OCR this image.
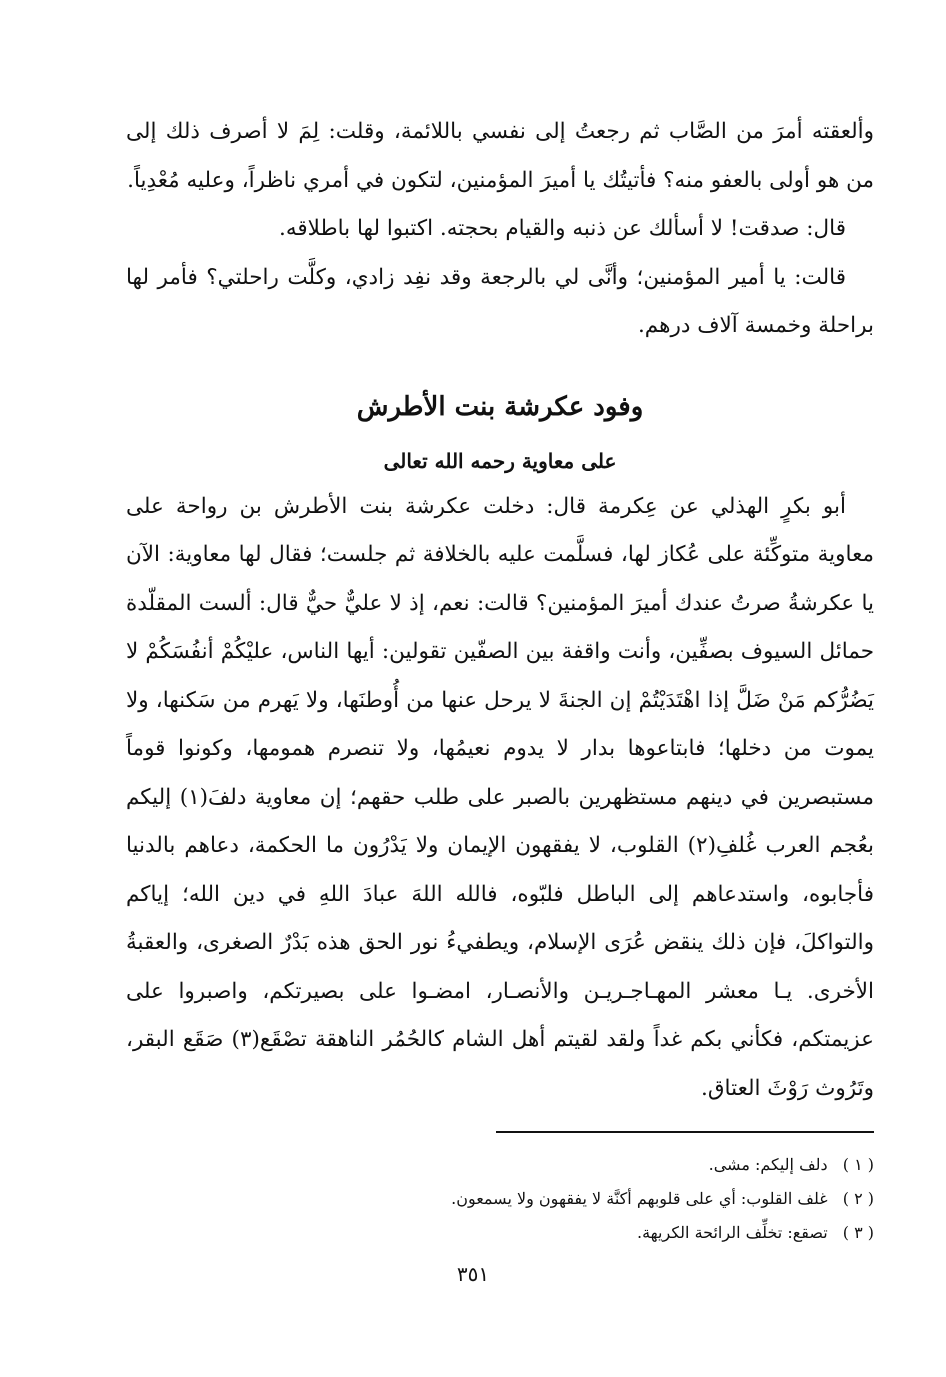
وألعقته أمرَ من الصَّاب ثم رجعتُ إلى نفسي باللائمة، وقلت: لِمَ لا أصرف ذلك إلى من هو أولى بالعفو منه؟ فأتيتُك يا أميرَ المؤمنين، لتكون في أمري ناظراً، وعليه مُعْدِياً.

قال: صدقت! لا أسألك عن ذنبه والقيام بحجته. اكتبوا لها باطلاقه.

قالت: يا أمير المؤمنين؛ وأنَّى لي بالرجعة وقد نفِد زادي، وكلَّت راحلتي؟ فأمر لها براحلة وخمسة آلاف درهم.

وفود عكرشة بنت الأطرش
على معاوية رحمه الله تعالى

أبو بكرٍ الهذلي عن عِكرمة قال: دخلت عكرشة بنت الأطرش بن رواحة على معاوية متوكِّئة على عُكاز لها، فسلَّمت عليه بالخلافة ثم جلست؛ فقال لها معاوية: الآن يا عكرشةُ صرتُ عندك أميرَ المؤمنين؟ قالت: نعم، إذ لا عليٌّ حيٌّ قال: ألست المقلّدة حمائل السيوف بصفِّين، وأنت واقفة بين الصفّين تقولين: أيها الناس، عليْكُمْ أنفُسَكُمْ لا يَضُرُّكم مَنْ ضَلَّ إذا اهْتَدَيْتُمْ إن الجنةَ لا يرحل عنها من أُوطنَها، ولا يَهرم من سَكنها، ولا يموت من دخلها؛ فابتاعوها بدار لا يدوم نعيمُها، ولا تنصرم همومها، وكونوا قوماً مستبصرين في دينهم مستظهرين بالصبر على طلب حقهم؛ إن معاوية دلفَ(١) إليكم بعُجم العرب غُلفِ(٢) القلوب، لا يفقهون الإيمان ولا يَدْرُون ما الحكمة، دعاهم بالدنيا فأجابوه، واستدعاهم إلى الباطل فلبّوه، فالله اللهَ عبادَ اللهِ في دين الله؛ إياكم والتواكلَ، فإن ذلك ينقض عُرَى الإسلام، ويطفيءُ نور الحق هذه بَدْرٌ الصغرى، والعقبةُ الأخرى. يـا معشر المهـاجـريـن والأنصـار، امضـوا على بصيرتكم، واصبروا على عزيمتكم، فكأني بكم غداً ولقد لقيتم أهل الشام كالحُمُر الناهقة تصْقَع(٣) صَقَع البقر، وتَرُوث رَوْثَ العتاق.

( ١ ) دلف إليكم: مشى.
( ٢ ) غلف القلوب: أي على قلوبهم أكنَّة لا يفقهون ولا يسمعون.
( ٣ ) تصقع: تخلِّف الرائحة الكريهة.
٣٥١
